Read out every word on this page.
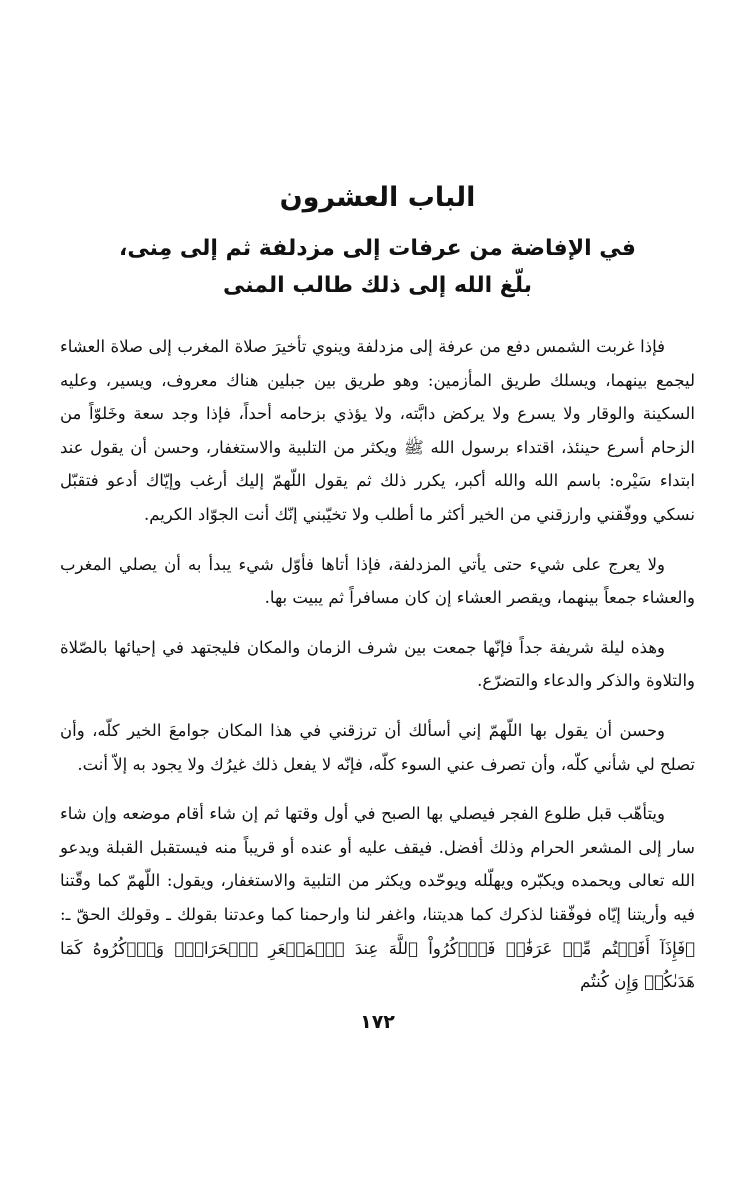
الباب العشرون
في الإفاضة من عرفات إلى مزدلفة ثم إلى مِنى،
بلّغ الله إلى ذلك طالب المنى

فإذا غربت الشمس دفع من عرفة إلى مزدلفة وينوي تأخيرَ صلاة المغرب إلى صلاة العشاء ليجمع بينهما، ويسلك طريق المأزمين: وهو طريق بين جبلين هناك معروف، ويسير، وعليه السكينة والوقار ولا يسرع ولا يركض دابَّته، ولا يؤذي بزحامه أحداً، فإذا وجد سعة وخَلوّاً من الزحام أسرع حينئذ، اقتداء برسول الله ﷺ ويكثر من التلبية والاستغفار، وحسن أن يقول عند ابتداء سَيْره: باسم الله والله أكبر، يكرر ذلك ثم يقول اللّهمّ إليك أرغب وإيّاك أدعو فتقبّل نسكي ووفّقني وارزقني من الخير أكثر ما أطلب ولا تخيّبني إنّك أنت الجوّاد الكريم.

ولا يعرج على شيء حتى يأتي المزدلفة، فإذا أتاها فأوّل شيء يبدأ به أن يصلي المغرب والعشاء جمعاً بينهما، ويقصر العشاء إن كان مسافراً ثم يبيت بها.

وهذه ليلة شريفة جداً فإنّها جمعت بين شرف الزمان والمكان فليجتهد في إحيائها بالصّلاة والتلاوة والذكر والدعاء والتضرّع.

وحسن أن يقول بها اللّهمّ إني أسألك أن ترزقني في هذا المكان جوامعَ الخير كلّه، وأن تصلح لي شأني كلّه، وأن تصرف عني السوء كلّه، فإنّه لا يفعل ذلك غيرُك ولا يجود به إلاّ أنت.

ويتأهّب قبل طلوع الفجر فيصلي بها الصبح في أول وقتها ثم إن شاء أقام موضعه وإن شاء سار إلى المشعر الحرام وذلك أفضل. فيقف عليه أو عنده أو قريباً منه فيستقبل القبلة ويدعو الله تعالى ويحمده ويكبّره ويهلّله ويوحّده ويكثر من التلبية والاستغفار، ويقول: اللّهمّ كما وقّتنا فيه وأريتنا إيّاه فوفّقنا لذكرك كما هديتنا، واغفر لنا وارحمنا كما وعدتنا بقولك ـ وقولك الحقّ ـ: ﴿فَإِذَآ أَفَضۡتُم مِّنۡ عَرَفَٰتٖ فَٱذۡكُرُواْ ٱللَّهَ عِندَ ٱلۡمَشۡعَرِ ٱلۡحَرَامِۖ وَٱذۡكُرُوهُ كَمَا هَدَىٰكُمۡ وَإِن كُنتُم

١٧٢
